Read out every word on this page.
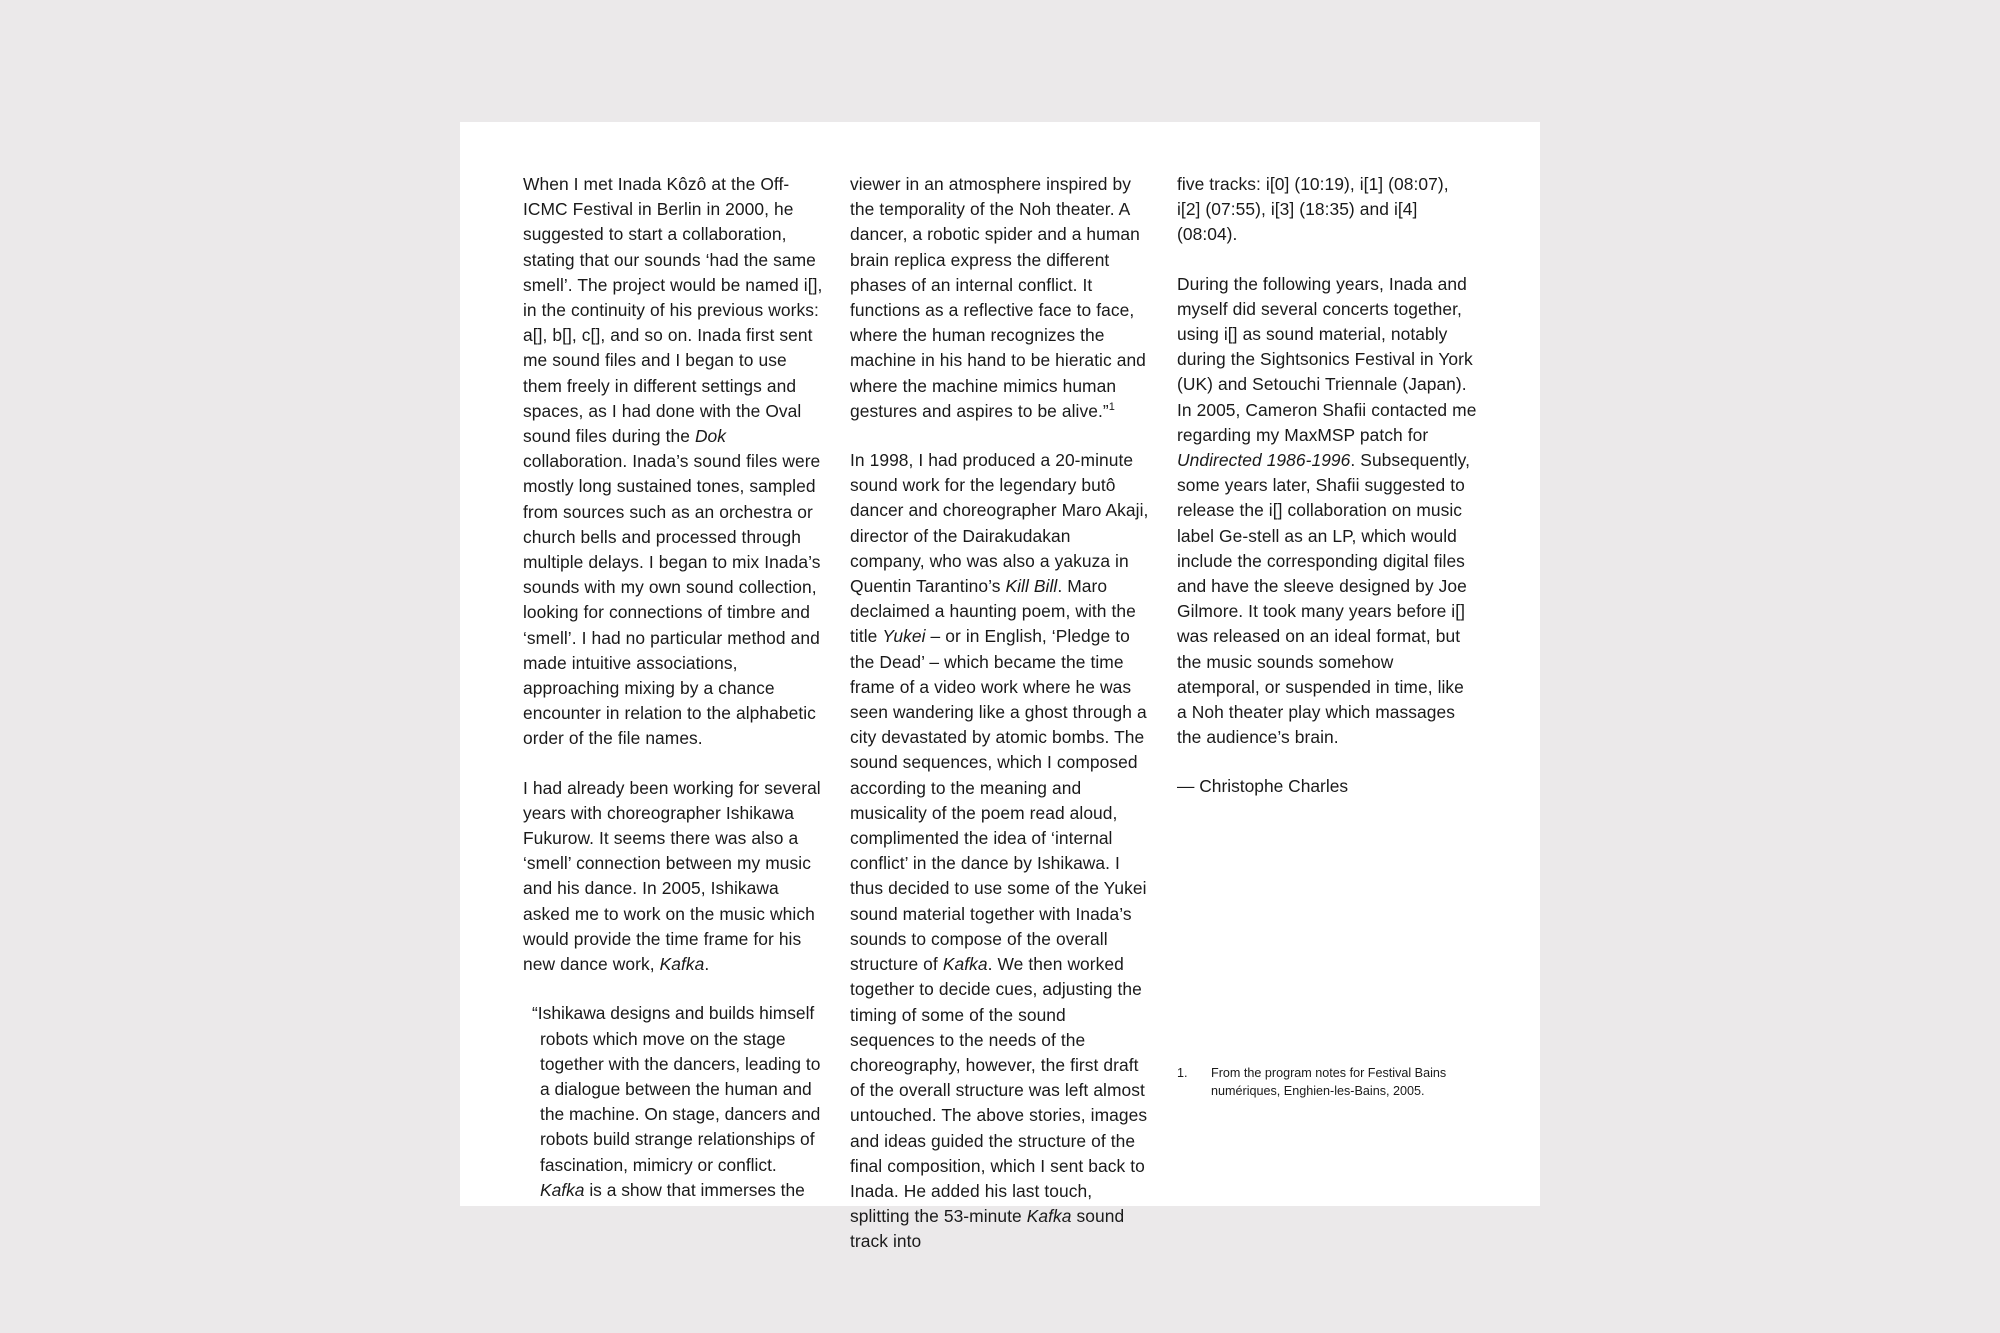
When I met Inada Kôzô at the Off-ICMC Festival in Berlin in 2000, he suggested to start a collaboration, stating that our sounds ‘had the same smell’. The project would be named i[], in the continuity of his previous works: a[], b[], c[], and so on. Inada first sent me sound files and I began to use them freely in different settings and spaces, as I had done with the Oval sound files during the Dok collaboration. Inada’s sound files were mostly long sustained tones, sampled from sources such as an orchestra or church bells and processed through multiple delays. I began to mix Inada’s sounds with my own sound collection, looking for connections of timbre and ‘smell’. I had no particular method and made intuitive associations, approaching mixing by a chance encounter in relation to the alphabetic order of the file names.

I had already been working for several years with choreographer Ishikawa Fukurow. It seems there was also a ‘smell’ connection between my music and his dance. In 2005, Ishikawa asked me to work on the music which would provide the time frame for his new dance work, Kafka.

“Ishikawa designs and builds himself robots which move on the stage together with the dancers, leading to a dialogue between the human and the machine. On stage, dancers and robots build strange relationships of fascination, mimicry or conflict. Kafka is a show that immerses the

viewer in an atmosphere inspired by the temporality of the Noh theater. A dancer, a robotic spider and a human brain replica express the different phases of an internal conflict. It functions as a reflective face to face, where the human recognizes the machine in his hand to be hieratic and where the machine mimics human gestures and aspires to be alive.”$^1$

In 1998, I had produced a 20-minute sound work for the legendary butô dancer and choreographer Maro Akaji, director of the Dairakudakan company, who was also a yakuza in Quentin Tarantino’s Kill Bill. Maro declaimed a haunting poem, with the title Yukei – or in English, ‘Pledge to the Dead’ – which became the time frame of a video work where he was seen wandering like a ghost through a city devastated by atomic bombs. The sound sequences, which I composed according to the meaning and musicality of the poem read aloud, complimented the idea of ‘internal conflict’ in the dance by Ishikawa. I thus decided to use some of the Yukei sound material together with Inada’s sounds to compose of the overall structure of Kafka. We then worked together to decide cues, adjusting the timing of some of the sound sequences to the needs of the choreography, however, the first draft of the overall structure was left almost untouched. The above stories, images and ideas guided the structure of the final composition, which I sent back to Inada. He added his last touch, splitting the 53-minute Kafka sound track into

five tracks: i[0] (10:19), i[1] (08:07), i[2] (07:55), i[3] (18:35) and i[4] (08:04).

During the following years, Inada and myself did several concerts together, using i[] as sound material, notably during the Sightsonics Festival in York (UK) and Setouchi Triennale (Japan). In 2005, Cameron Shafii contacted me regarding my MaxMSP patch for Undirected 1986-1996. Subsequently, some years later, Shafii suggested to release the i[] collaboration on music label Ge-stell as an LP, which would include the corresponding digital files and have the sleeve designed by Joe Gilmore. It took many years before i[] was released on an ideal format, but the music sounds somehow atemporal, or suspended in time, like a Noh theater play which massages the audience’s brain.

— Christophe Charles

1.	From the program notes for Festival Bains numériques, Enghien-les-Bains, 2005.
